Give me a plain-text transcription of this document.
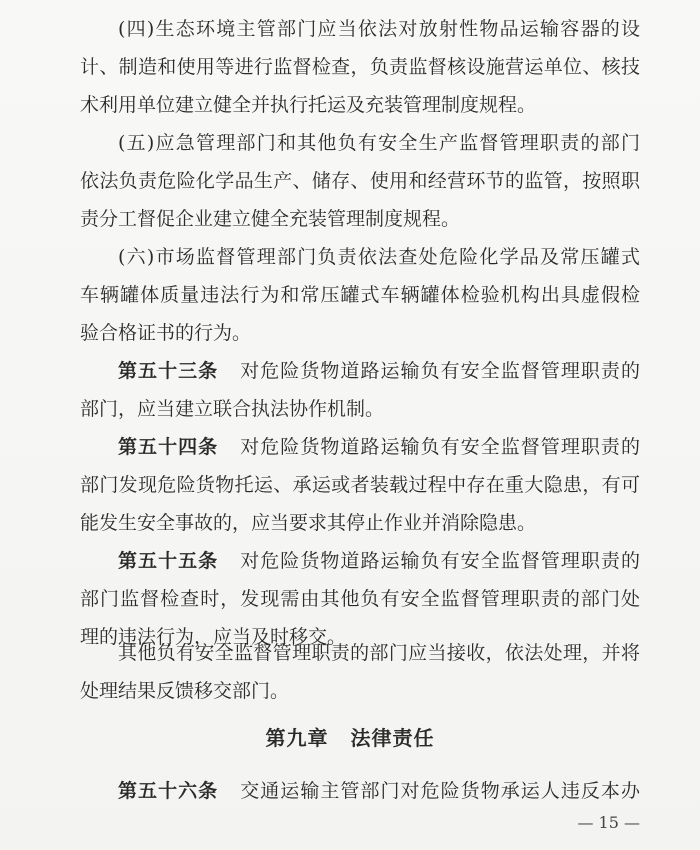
(四)生态环境主管部门应当依法对放射性物品运输容器的设
计、制造和使用等进行监督检查，负责监督核设施营运单位、核技
术利用单位建立健全并执行托运及充装管理制度规程。
(五)应急管理部门和其他负有安全生产监督管理职责的部门
依法负责危险化学品生产、储存、使用和经营环节的监管，按照职
责分工督促企业建立健全充装管理制度规程。
(六)市场监督管理部门负责依法查处危险化学品及常压罐式
车辆罐体质量违法行为和常压罐式车辆罐体检验机构出具虚假检
验合格证书的行为。
第五十三条 对危险货物道路运输负有安全监督管理职责的
部门，应当建立联合执法协作机制。
第五十四条 对危险货物道路运输负有安全监督管理职责的
部门发现危险货物托运、承运或者装载过程中存在重大隐患，有可
能发生安全事故的，应当要求其停止作业并消除隐患。
第五十五条 对危险货物道路运输负有安全监督管理职责的
部门监督检查时，发现需由其他负有安全监督管理职责的部门处
理的违法行为，应当及时移交。
第九章 法律责任
第五十六条 交通运输主管部门对危险货物承运人违反本办
— 15 —
其他负有安全监督管理职责的部门应当接收，依法处理，并将
处理结果反馈移交部门。
